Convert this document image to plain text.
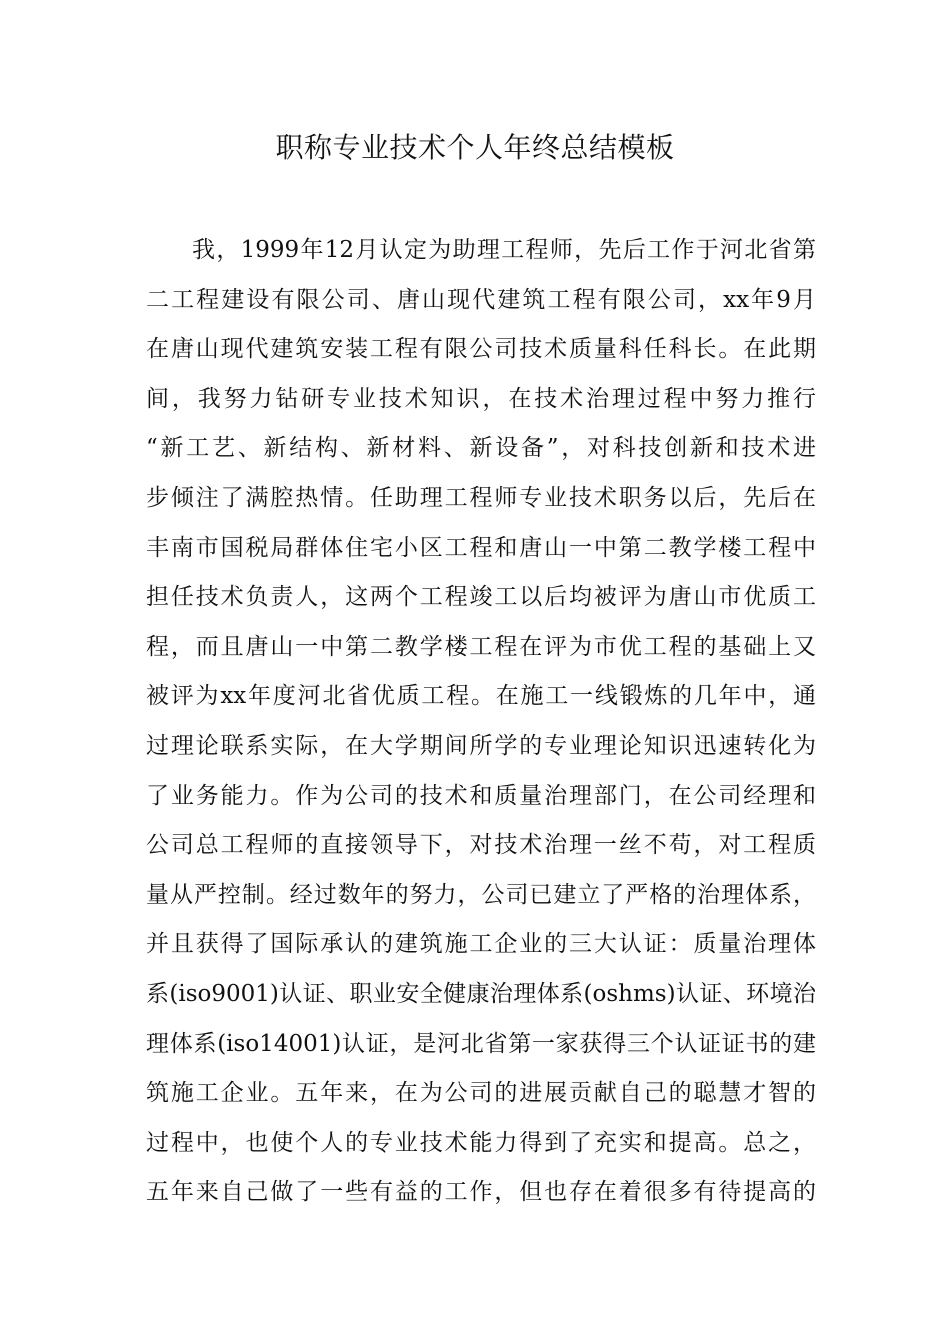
职称专业技术个人年终总结模板
我，1999年12月认定为助理工程师，先后工作于河北省第
二工程建设有限公司、唐山现代建筑工程有限公司，xx年9月
在唐山现代建筑安装工程有限公司技术质量科任科长。在此期
间，我努力钻研专业技术知识，在技术治理过程中努力推行
“新工艺、新结构、新材料、新设备”，对科技创新和技术进
步倾注了满腔热情。任助理工程师专业技术职务以后，先后在
丰南市国税局群体住宅小区工程和唐山一中第二教学楼工程中
担任技术负责人，这两个工程竣工以后均被评为唐山市优质工
程，而且唐山一中第二教学楼工程在评为市优工程的基础上又
被评为xx年度河北省优质工程。在施工一线锻炼的几年中，通
过理论联系实际，在大学期间所学的专业理论知识迅速转化为
了业务能力。作为公司的技术和质量治理部门，在公司经理和
公司总工程师的直接领导下，对技术治理一丝不苟，对工程质
量从严控制。经过数年的努力，公司已建立了严格的治理体系，
并且获得了国际承认的建筑施工企业的三大认证：质量治理体
系(iso9001)认证、职业安全健康治理体系(oshms)认证、环境治
理体系(iso14001)认证，是河北省第一家获得三个认证证书的建
筑施工企业。五年来，在为公司的进展贡献自己的聪慧才智的
过程中，也使个人的专业技术能力得到了充实和提高。总之，
五年来自己做了一些有益的工作，但也存在着很多有待提高的
